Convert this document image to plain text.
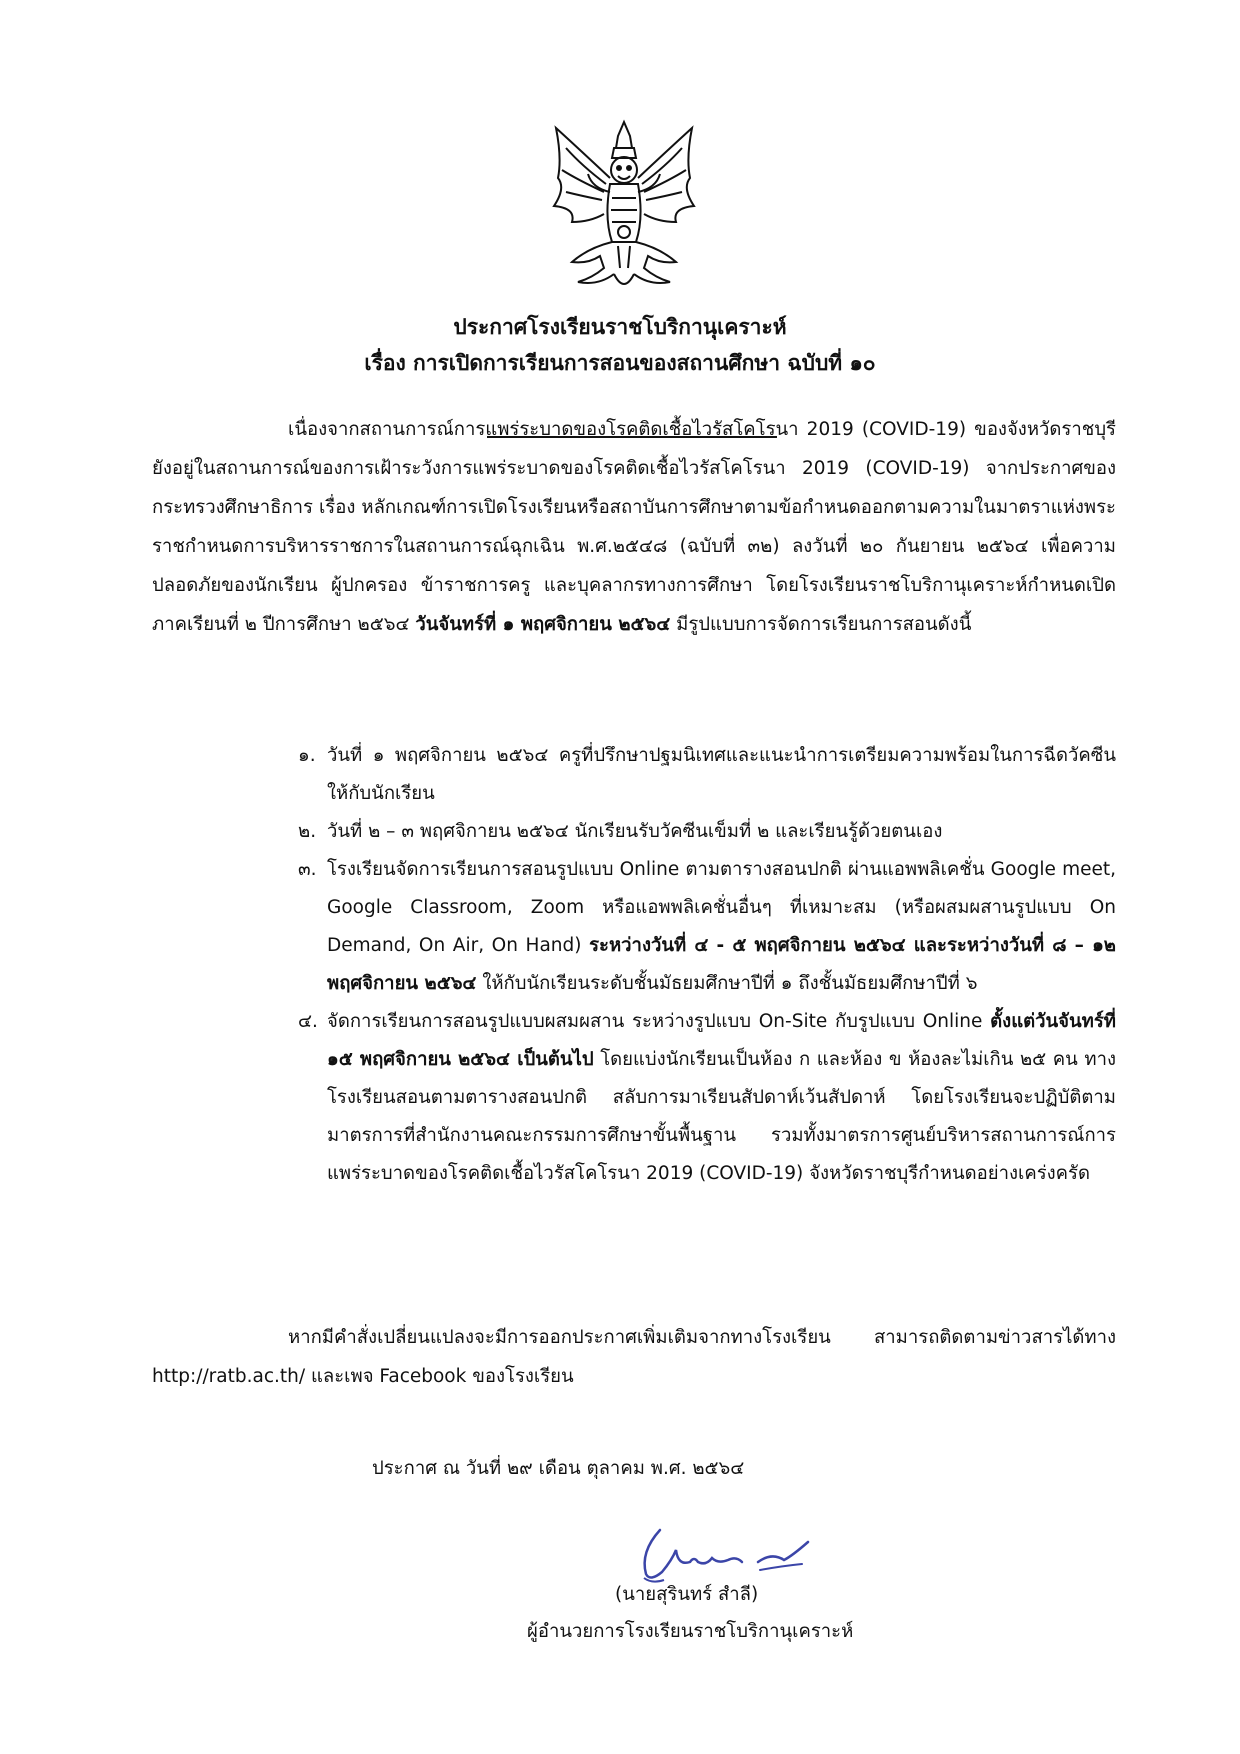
ประกาศโรงเรียนราชโบริกานุเคราะห์
เรื่อง การเปิดการเรียนการสอนของสถานศึกษา ฉบับที่ ๑๐
เนื่องจากสถานการณ์การแพร่ระบาดของโรคติดเชื้อไวรัสโคโรนา 2019 (COVID-19) ของจังหวัดราชบุรียังอยู่ในสถานการณ์ของการเฝ้าระวังการแพร่ระบาดของโรคติดเชื้อไวรัสโคโรนา 2019 (COVID-19) จากประกาศของกระทรวงศึกษาธิการ เรื่อง หลักเกณฑ์การเปิดโรงเรียนหรือสถาบันการศึกษาตามข้อกำหนดออกตามความในมาตราแห่งพระราชกำหนดการบริหารราชการในสถานการณ์ฉุกเฉิน พ.ศ.๒๕๔๘ (ฉบับที่ ๓๒) ลงวันที่ ๒๐ กันยายน ๒๕๖๔ เพื่อความปลอดภัยของนักเรียน ผู้ปกครอง ข้าราชการครู และบุคลากรทางการศึกษา โดยโรงเรียนราชโบริกานุเคราะห์กำหนดเปิดภาคเรียนที่ ๒ ปีการศึกษา ๒๕๖๔ วันจันทร์ที่ ๑ พฤศจิกายน ๒๕๖๔ มีรูปแบบการจัดการเรียนการสอนดังนี้
๑. วันที่ ๑ พฤศจิกายน ๒๕๖๔ ครูที่ปรึกษาปฐมนิเทศและแนะนำการเตรียมความพร้อมในการฉีดวัคซีนให้กับนักเรียน
๒. วันที่ ๒ – ๓ พฤศจิกายน ๒๕๖๔ นักเรียนรับวัคซีนเข็มที่ ๒ และเรียนรู้ด้วยตนเอง
๓. โรงเรียนจัดการเรียนการสอนรูปแบบ Online ตามตารางสอนปกติ ผ่านแอพพลิเคชั่น Google meet, Google Classroom, Zoom หรือแอพพลิเคชั่นอื่นๆ ที่เหมาะสม (หรือผสมผสานรูปแบบ On Demand, On Air, On Hand) ระหว่างวันที่ ๔ - ๕ พฤศจิกายน ๒๕๖๔ และระหว่างวันที่ ๘ – ๑๒ พฤศจิกายน ๒๕๖๔ ให้กับนักเรียนระดับชั้นมัธยมศึกษาปีที่ ๑ ถึงชั้นมัธยมศึกษาปีที่ ๖
๔. จัดการเรียนการสอนรูปแบบผสมผสาน ระหว่างรูปแบบ On-Site กับรูปแบบ Online ตั้งแต่วันจันทร์ที่ ๑๕ พฤศจิกายน ๒๕๖๔ เป็นต้นไป โดยแบ่งนักเรียนเป็นห้อง ก และห้อง ข ห้องละไม่เกิน ๒๕ คน ทางโรงเรียนสอนตามตารางสอนปกติ สลับการมาเรียนสัปดาห์เว้นสัปดาห์ โดยโรงเรียนจะปฏิบัติตามมาตรการที่สำนักงานคณะกรรมการศึกษาขั้นพื้นฐาน รวมทั้งมาตรการศูนย์บริหารสถานการณ์การแพร่ระบาดของโรคติดเชื้อไวรัสโคโรนา 2019 (COVID-19) จังหวัดราชบุรีกำหนดอย่างเคร่งครัด
หากมีคำสั่งเปลี่ยนแปลงจะมีการออกประกาศเพิ่มเติมจากทางโรงเรียน สามารถติดตามข่าวสารได้ทาง http://ratb.ac.th/ และเพจ Facebook ของโรงเรียน
ประกาศ ณ วันที่ ๒๙ เดือน ตุลาคม พ.ศ. ๒๕๖๔
(นายสุรินทร์ สำลี)
ผู้อำนวยการโรงเรียนราชโบริกานุเคราะห์
